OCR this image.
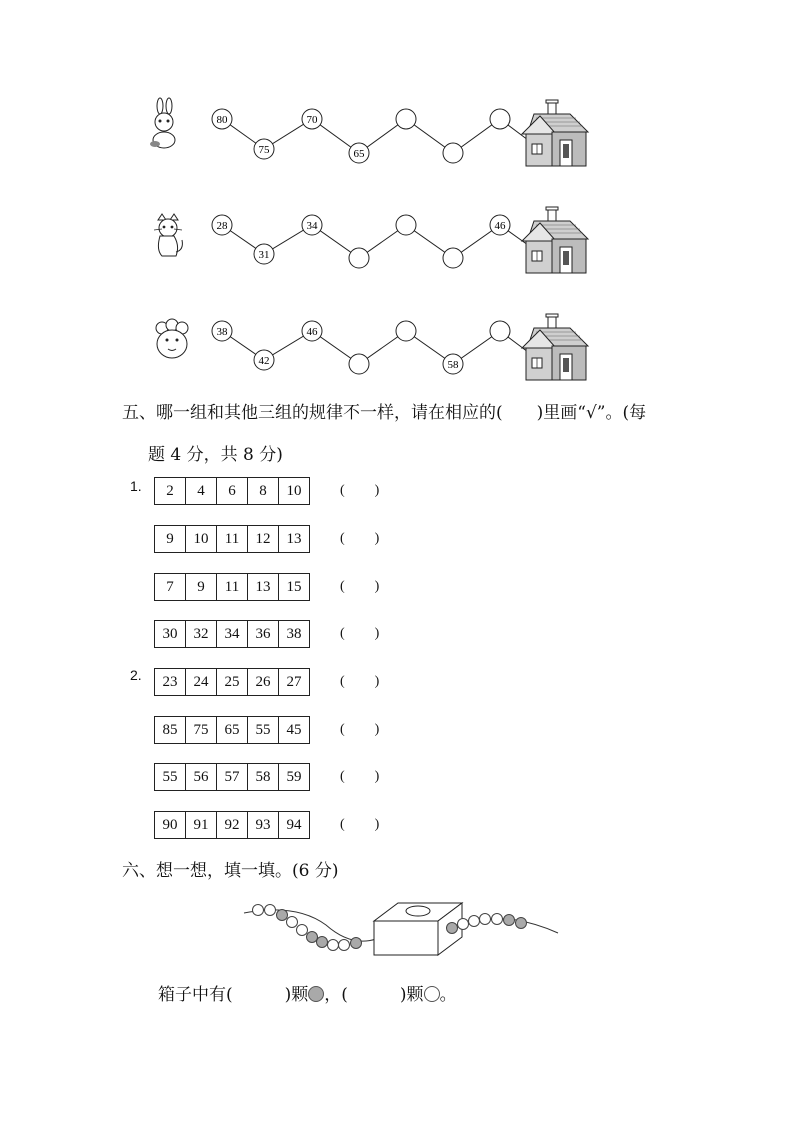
80
75
70
65
28
31
34	46
38
42
46
58
五、哪一组和其他三组的规律不一样，请在相应的(　　)里画“√”。(每
题 4 分，共 8 分)
1.
2.
2	4	6	8	10	( )
9	10	11	12	13	( )
7	9	11	13	15	( )
30	32	34	36	38	( )
23	24	25	26	27	( )
85	75	65	55	45	( )
55	56	57	58	59	( )
90	91	92	93	94	( )
六、想一想，填一填。(6 分)
箱子中有(	)颗 ，(	)颗 。
